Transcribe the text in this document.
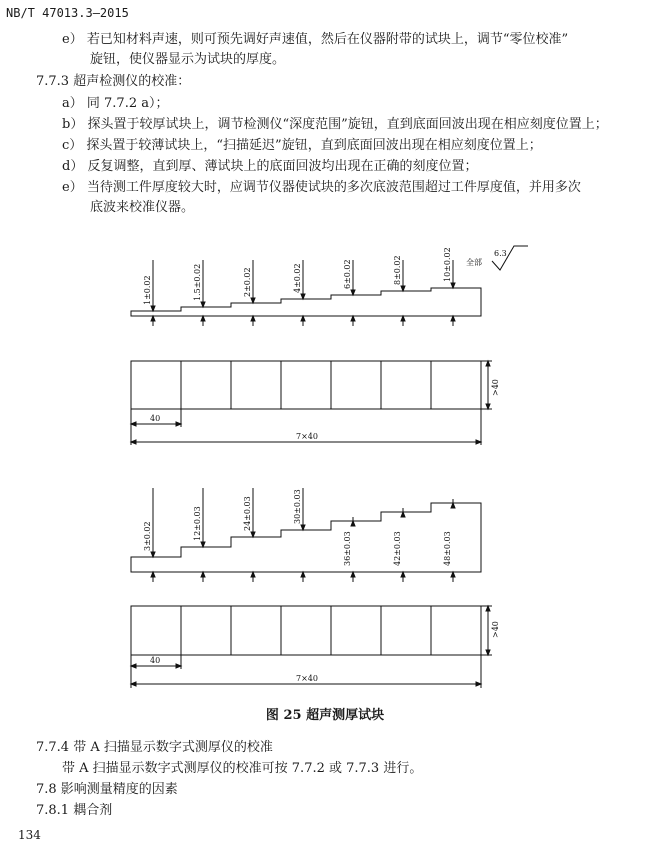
NB/T 47013.3—2015
e） 若已知材料声速，则可预先调好声速值，然后在仪器附带的试块上，调节“零位校准”
旋钮，使仪器显示为试块的厚度。
7.7.3 超声检测仪的校准：
a） 同 7.7.2 a）；
b） 探头置于较厚试块上，调节检测仪“深度范围”旋钮，直到底面回波出现在相应刻度位置上；
c） 探头置于较薄试块上，“扫描延迟”旋钮，直到底面回波出现在相应刻度位置上；
d） 反复调整，直到厚、薄试块上的底面回波均出现在正确的刻度位置；
e） 当待测工件厚度较大时，应调节仪器使试块的多次底波范围超过工件厚度值，并用多次
底波来校准仪器。
1±0.02	1.5±0.02	2±0.02	4±0.02	6±0.02	8±0.02	10±0.02 全部
6.3
>40
40
7×40
3±0.02	12±0.03	24±0.03	30±0.03
36±0.03	42±0.03	48±0.03
>40
40
7×40
图 25 超声测厚试块
7.7.4 带 A 扫描显示数字式测厚仪的校准
带 A 扫描显示数字式测厚仪的校准可按 7.7.2 或 7.7.3 进行。
7.8 影响测量精度的因素
7.8.1 耦合剂
134
